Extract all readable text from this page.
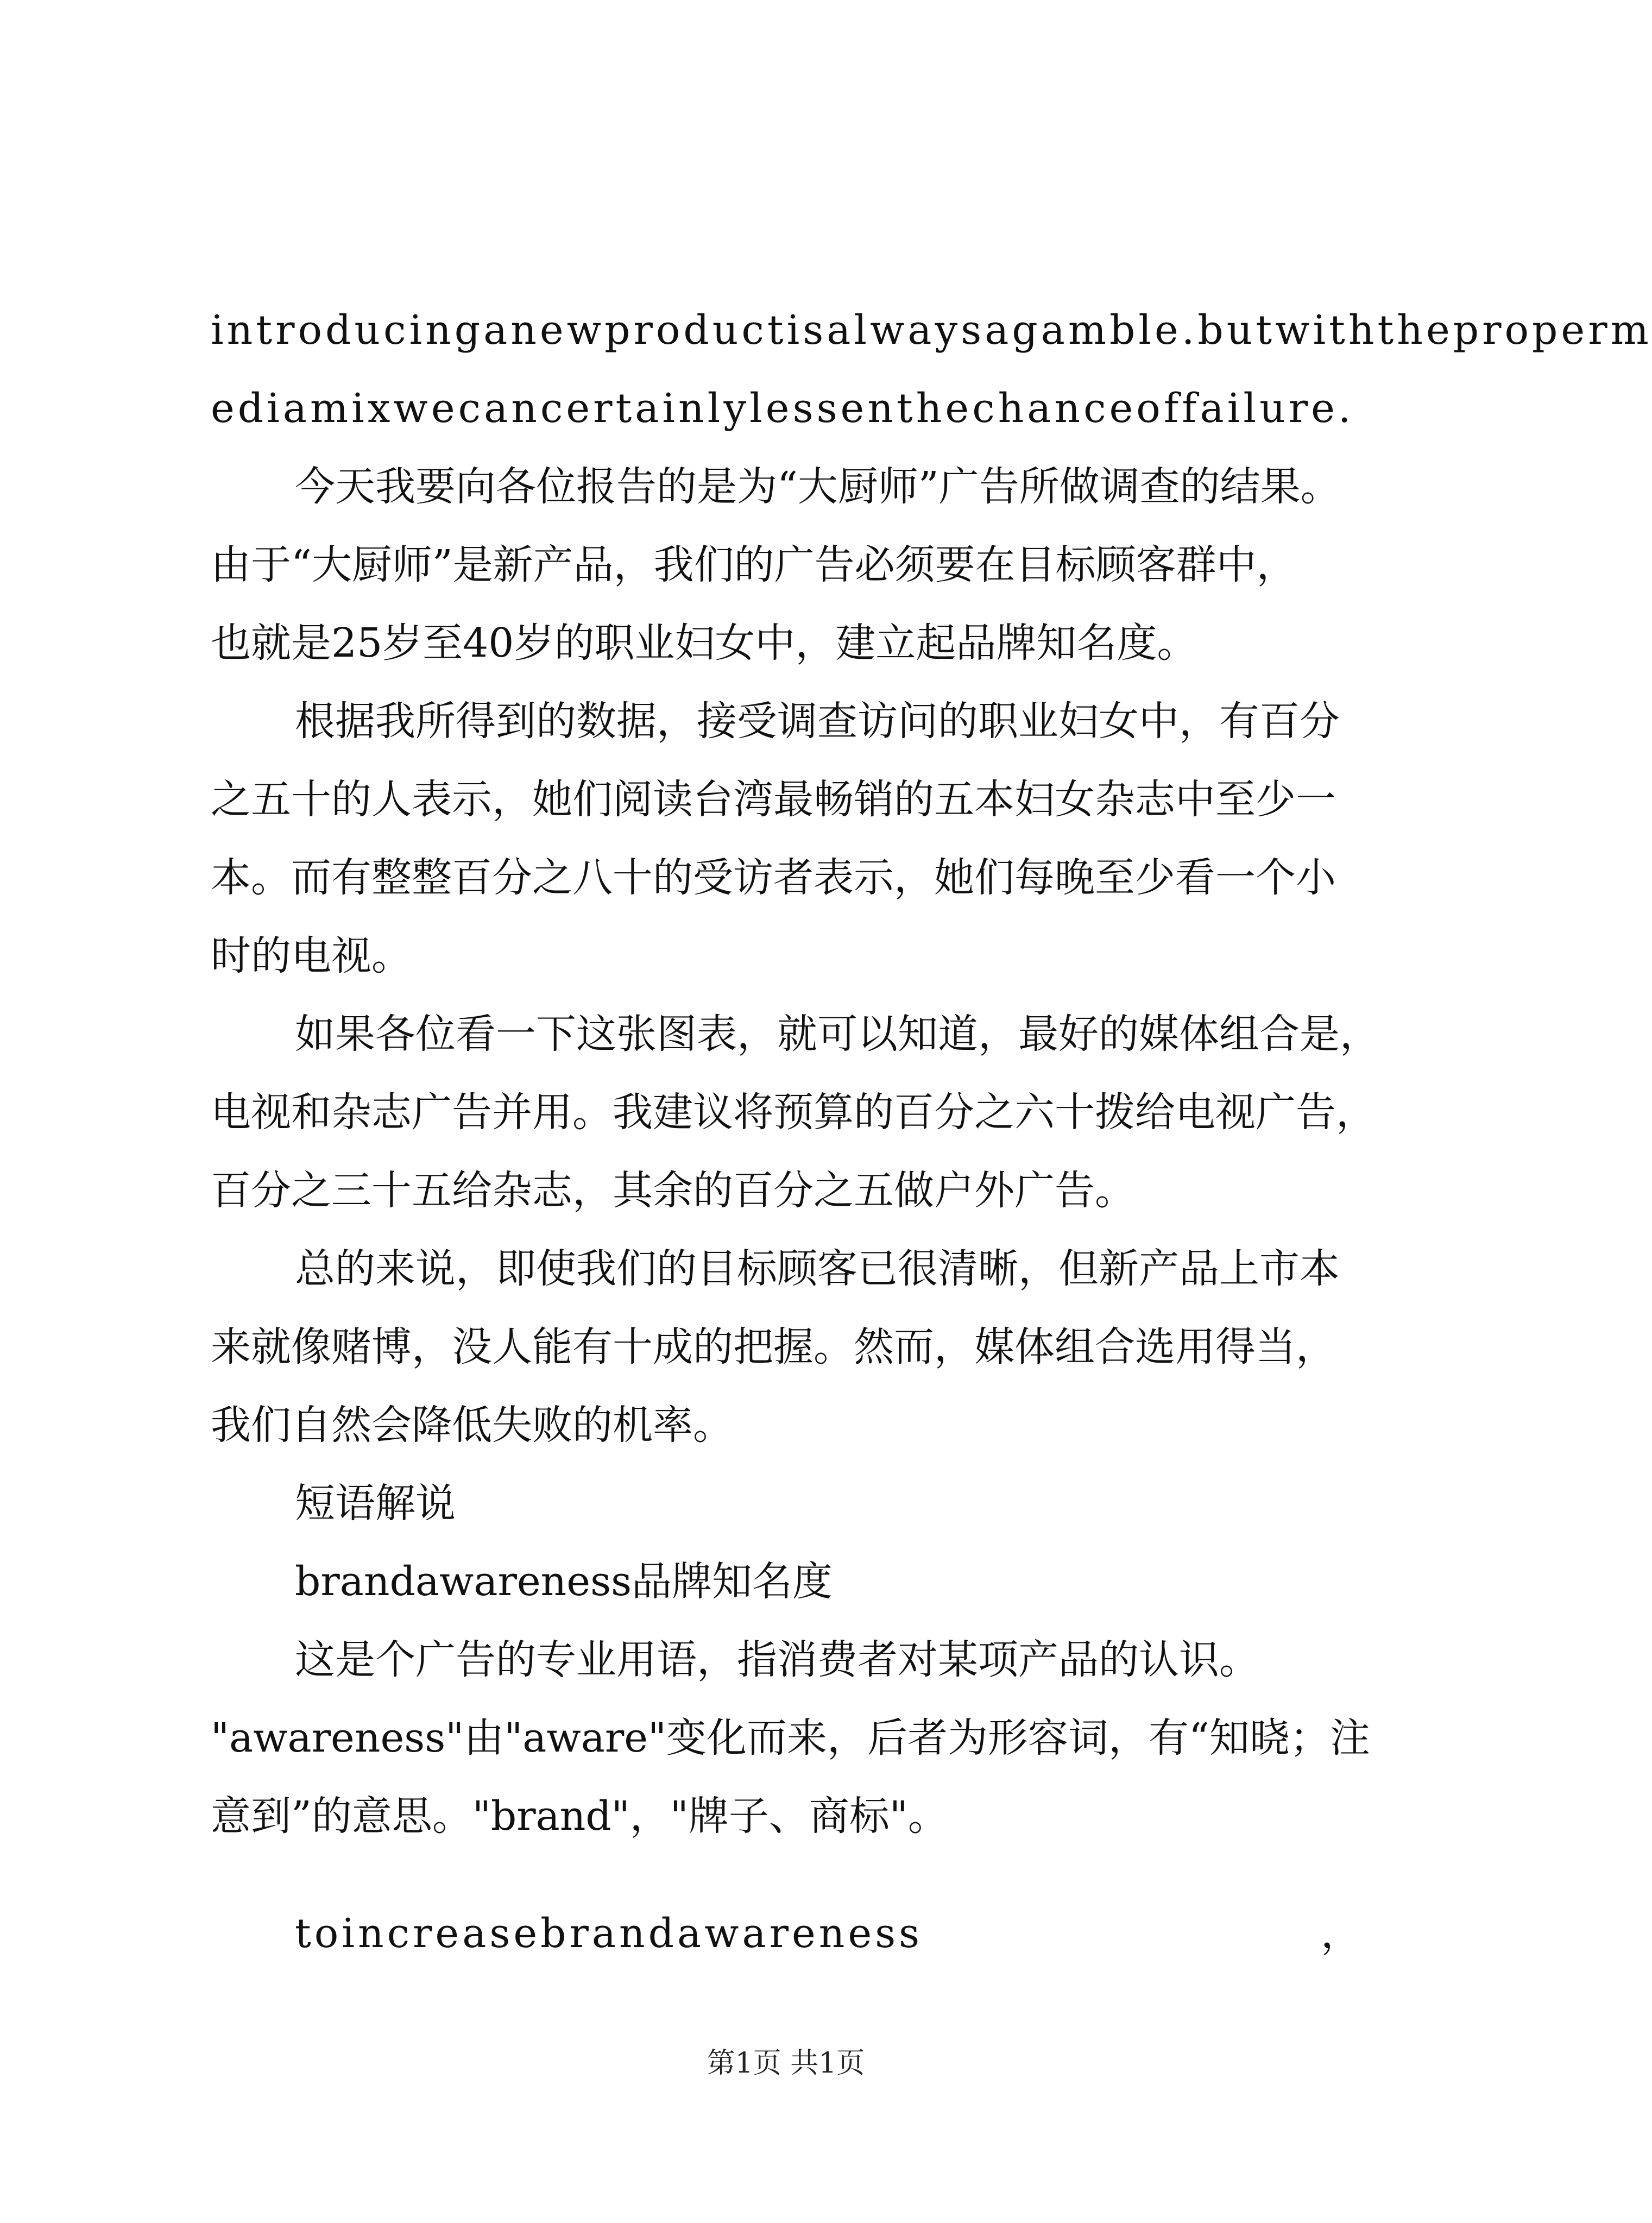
introducinganewproductisalwaysagamble.butwiththeproperm
ediamixwecancertainlylessenthechanceoffailure.
今天我要向各位报告的是为“大厨师”广告所做调查的结果。
由于“大厨师”是新产品，我们的广告必须要在目标顾客群中，
也就是25岁至40岁的职业妇女中，建立起品牌知名度。
根据我所得到的数据，接受调查访问的职业妇女中，有百分
之五十的人表示，她们阅读台湾最畅销的五本妇女杂志中至少一
本。而有整整百分之八十的受访者表示，她们每晚至少看一个小
时的电视。
如果各位看一下这张图表，就可以知道，最好的媒体组合是，
电视和杂志广告并用。我建议将预算的百分之六十拨给电视广告，
百分之三十五给杂志，其余的百分之五做户外广告。
总的来说，即使我们的目标顾客已很清晰，但新产品上市本
来就像赌博，没人能有十成的把握。然而，媒体组合选用得当，
我们自然会降低失败的机率。
短语解说
brandawareness品牌知名度
这是个广告的专业用语，指消费者对某项产品的认识。
"awareness"由"aware"变化而来，后者为形容词，有“知晓；注
意到”的意思。"brand"，"牌子、商标"。
toincreasebrandawareness	，
第1页 共1页
